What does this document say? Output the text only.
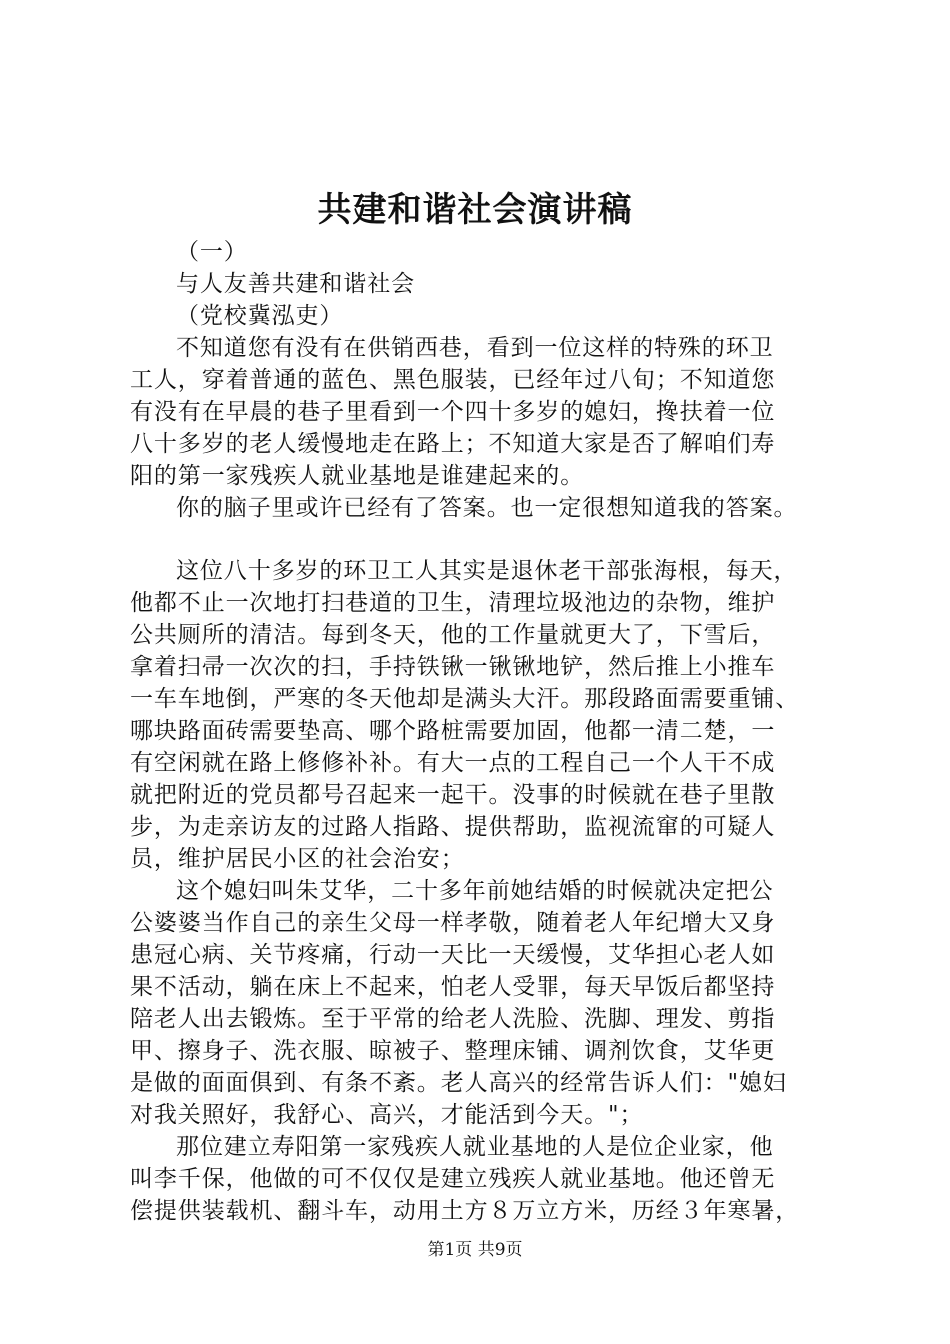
共建和谐社会演讲稿
（一）
与人友善共建和谐社会
（党校冀泓吏）
不知道您有没有在供销西巷，看到一位这样的特殊的环卫
工人，穿着普通的蓝色、黑色服装，已经年过八旬；不知道您
有没有在早晨的巷子里看到一个四十多岁的媳妇，搀扶着一位
八十多岁的老人缓慢地走在路上；不知道大家是否了解咱们寿
阳的第一家残疾人就业基地是谁建起来的。
你的脑子里或许已经有了答案。也一定很想知道我的答案。
这位八十多岁的环卫工人其实是退休老干部张海根，每天，
他都不止一次地打扫巷道的卫生，清理垃圾池边的杂物，维护
公共厕所的清洁。每到冬天，他的工作量就更大了，下雪后，
拿着扫帚一次次的扫，手持铁锹一锹锹地铲，然后推上小推车
一车车地倒，严寒的冬天他却是满头大汗。那段路面需要重铺、
哪块路面砖需要垫高、哪个路桩需要加固，他都一清二楚，一
有空闲就在路上修修补补。有大一点的工程自己一个人干不成
就把附近的党员都号召起来一起干。没事的时候就在巷子里散
步，为走亲访友的过路人指路、提供帮助，监视流窜的可疑人
员，维护居民小区的社会治安；
这个媳妇叫朱艾华，二十多年前她结婚的时候就决定把公
公婆婆当作自己的亲生父母一样孝敬，随着老人年纪增大又身
患冠心病、关节疼痛，行动一天比一天缓慢，艾华担心老人如
果不活动，躺在床上不起来，怕老人受罪，每天早饭后都坚持
陪老人出去锻炼。至于平常的给老人洗脸、洗脚、理发、剪指
甲、擦身子、洗衣服、晾被子、整理床铺、调剂饮食，艾华更
是做的面面俱到、有条不紊。老人高兴的经常告诉人们："媳妇
对我关照好，我舒心、高兴，才能活到今天。"；
那位建立寿阳第一家残疾人就业基地的人是位企业家，他
叫李千保，他做的可不仅仅是建立残疾人就业基地。他还曾无
偿提供装载机、翻斗车，动用土方８万立方米，历经３年寒暑，
第1页 共9页
